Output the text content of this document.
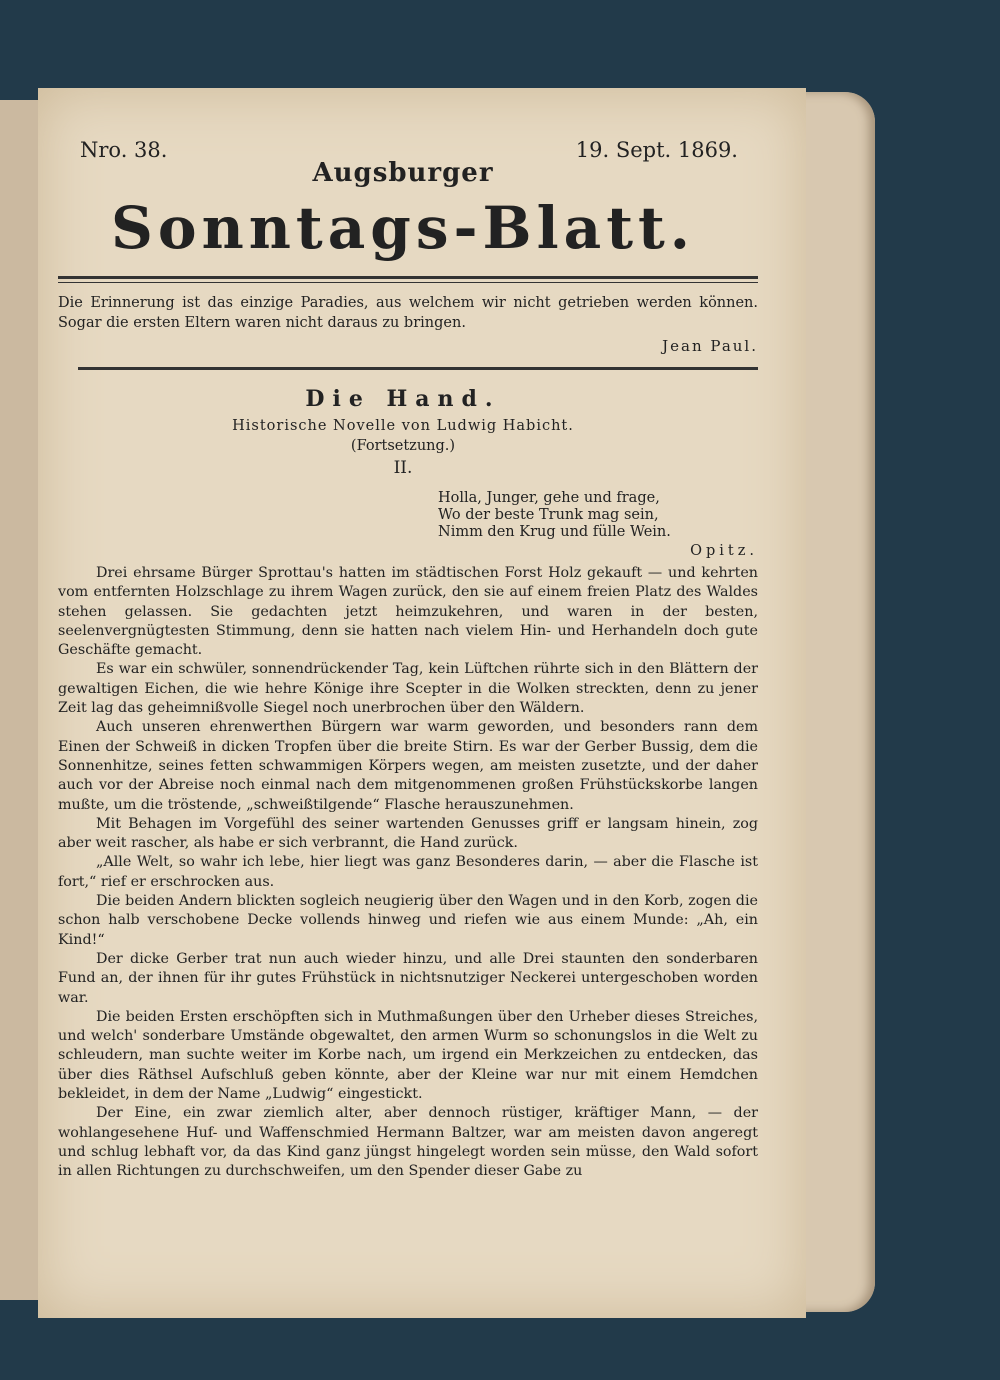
Nro. 38.	19. Sept. 1869.
Augsburger
Sonntags-Blatt.
Die Erinnerung ist das einzige Paradies, aus welchem wir nicht getrieben werden können. Sogar die ersten Eltern waren nicht daraus zu bringen.
Jean Paul.
Die Hand.
Historische Novelle von Ludwig Habicht.
(Fortsetzung.)
II.
Holla, Junger, gehe und frage,
Wo der beste Trunk mag sein,
Nimm den Krug und fülle Wein.
Opitz.

Drei ehrsame Bürger Sprottau's hatten im städtischen Forst Holz gekauft — und kehrten vom entfernten Holzschlage zu ihrem Wagen zurück, den sie auf einem freien Platz des Waldes stehen gelassen. Sie gedachten jetzt heimzukehren, und waren in der besten, seelenvergnügtesten Stimmung, denn sie hatten nach vielem Hin- und Herhandeln doch gute Geschäfte gemacht.

Es war ein schwüler, sonnendrückender Tag, kein Lüftchen rührte sich in den Blättern der gewaltigen Eichen, die wie hehre Könige ihre Scepter in die Wolken streckten, denn zu jener Zeit lag das geheimnißvolle Siegel noch unerbrochen über den Wäldern.

Auch unseren ehrenwerthen Bürgern war warm geworden, und besonders rann dem Einen der Schweiß in dicken Tropfen über die breite Stirn. Es war der Gerber Bussig, dem die Sonnenhitze, seines fetten schwammigen Körpers wegen, am meisten zusetzte, und der daher auch vor der Abreise noch einmal nach dem mitgenommenen großen Frühstückskorbe langen mußte, um die tröstende, „schweißtilgende“ Flasche herauszunehmen.

Mit Behagen im Vorgefühl des seiner wartenden Genusses griff er langsam hinein, zog aber weit rascher, als habe er sich verbrannt, die Hand zurück.

„Alle Welt, so wahr ich lebe, hier liegt was ganz Besonderes darin, — aber die Flasche ist fort,“ rief er erschrocken aus.

Die beiden Andern blickten sogleich neugierig über den Wagen und in den Korb, zogen die schon halb verschobene Decke vollends hinweg und riefen wie aus einem Munde: „Ah, ein Kind!“

Der dicke Gerber trat nun auch wieder hinzu, und alle Drei staunten den sonderbaren Fund an, der ihnen für ihr gutes Frühstück in nichtsnutziger Neckerei untergeschoben worden war.

Die beiden Ersten erschöpften sich in Muthmaßungen über den Urheber dieses Streiches, und welch' sonderbare Umstände obgewaltet, den armen Wurm so schonungslos in die Welt zu schleudern, man suchte weiter im Korbe nach, um irgend ein Merkzeichen zu entdecken, das über dies Räthsel Aufschluß geben könnte, aber der Kleine war nur mit einem Hemdchen bekleidet, in dem der Name „Ludwig“ eingestickt.

Der Eine, ein zwar ziemlich alter, aber dennoch rüstiger, kräftiger Mann, — der wohlangesehene Huf- und Waffenschmied Hermann Baltzer, war am meisten davon angeregt und schlug lebhaft vor, da das Kind ganz jüngst hingelegt worden sein müsse, den Wald sofort in allen Richtungen zu durchschweifen, um den Spender dieser Gabe zu
